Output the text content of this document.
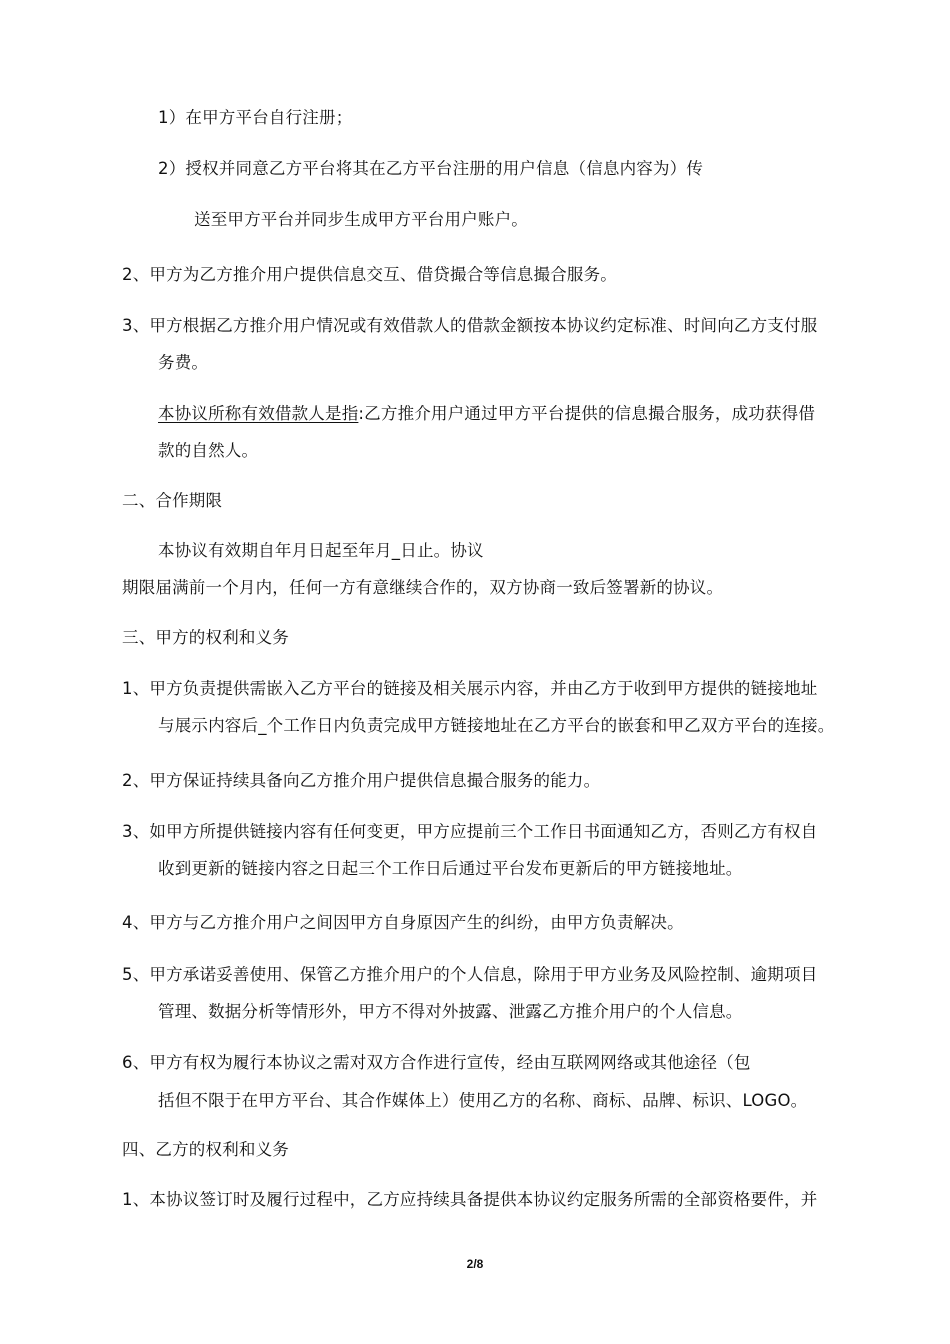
1）在甲方平台自行注册；
2）授权并同意乙方平台将其在乙方平台注册的用户信息（信息内容为）传
送至甲方平台并同步生成甲方平台用户账户。
2、甲方为乙方推介用户提供信息交互、借贷撮合等信息撮合服务。
3、甲方根据乙方推介用户情况或有效借款人的借款金额按本协议约定标准、时间向乙方支付服
务费。
本协议所称有效借款人是指:乙方推介用户通过甲方平台提供的信息撮合服务，成功获得借
款的自然人。
二、合作期限
本协议有效期自年月日起至年月_日止。协议
期限届满前一个月内，任何一方有意继续合作的，双方协商一致后签署新的协议。
三、甲方的权利和义务
1、甲方负责提供需嵌入乙方平台的链接及相关展示内容，并由乙方于收到甲方提供的链接地址
与展示内容后_个工作日内负责完成甲方链接地址在乙方平台的嵌套和甲乙双方平台的连接。
2、甲方保证持续具备向乙方推介用户提供信息撮合服务的能力。
3、如甲方所提供链接内容有任何变更，甲方应提前三个工作日书面通知乙方，否则乙方有权自
收到更新的链接内容之日起三个工作日后通过平台发布更新后的甲方链接地址。
4、甲方与乙方推介用户之间因甲方自身原因产生的纠纷，由甲方负责解决。
5、甲方承诺妥善使用、保管乙方推介用户的个人信息，除用于甲方业务及风险控制、逾期项目
管理、数据分析等情形外，甲方不得对外披露、泄露乙方推介用户的个人信息。
6、甲方有权为履行本协议之需对双方合作进行宣传，经由互联网网络或其他途径（包
括但不限于在甲方平台、其合作媒体上）使用乙方的名称、商标、品牌、标识、LOGO。
四、乙方的权利和义务
1、本协议签订时及履行过程中，乙方应持续具备提供本协议约定服务所需的全部资格要件，并
2/8
